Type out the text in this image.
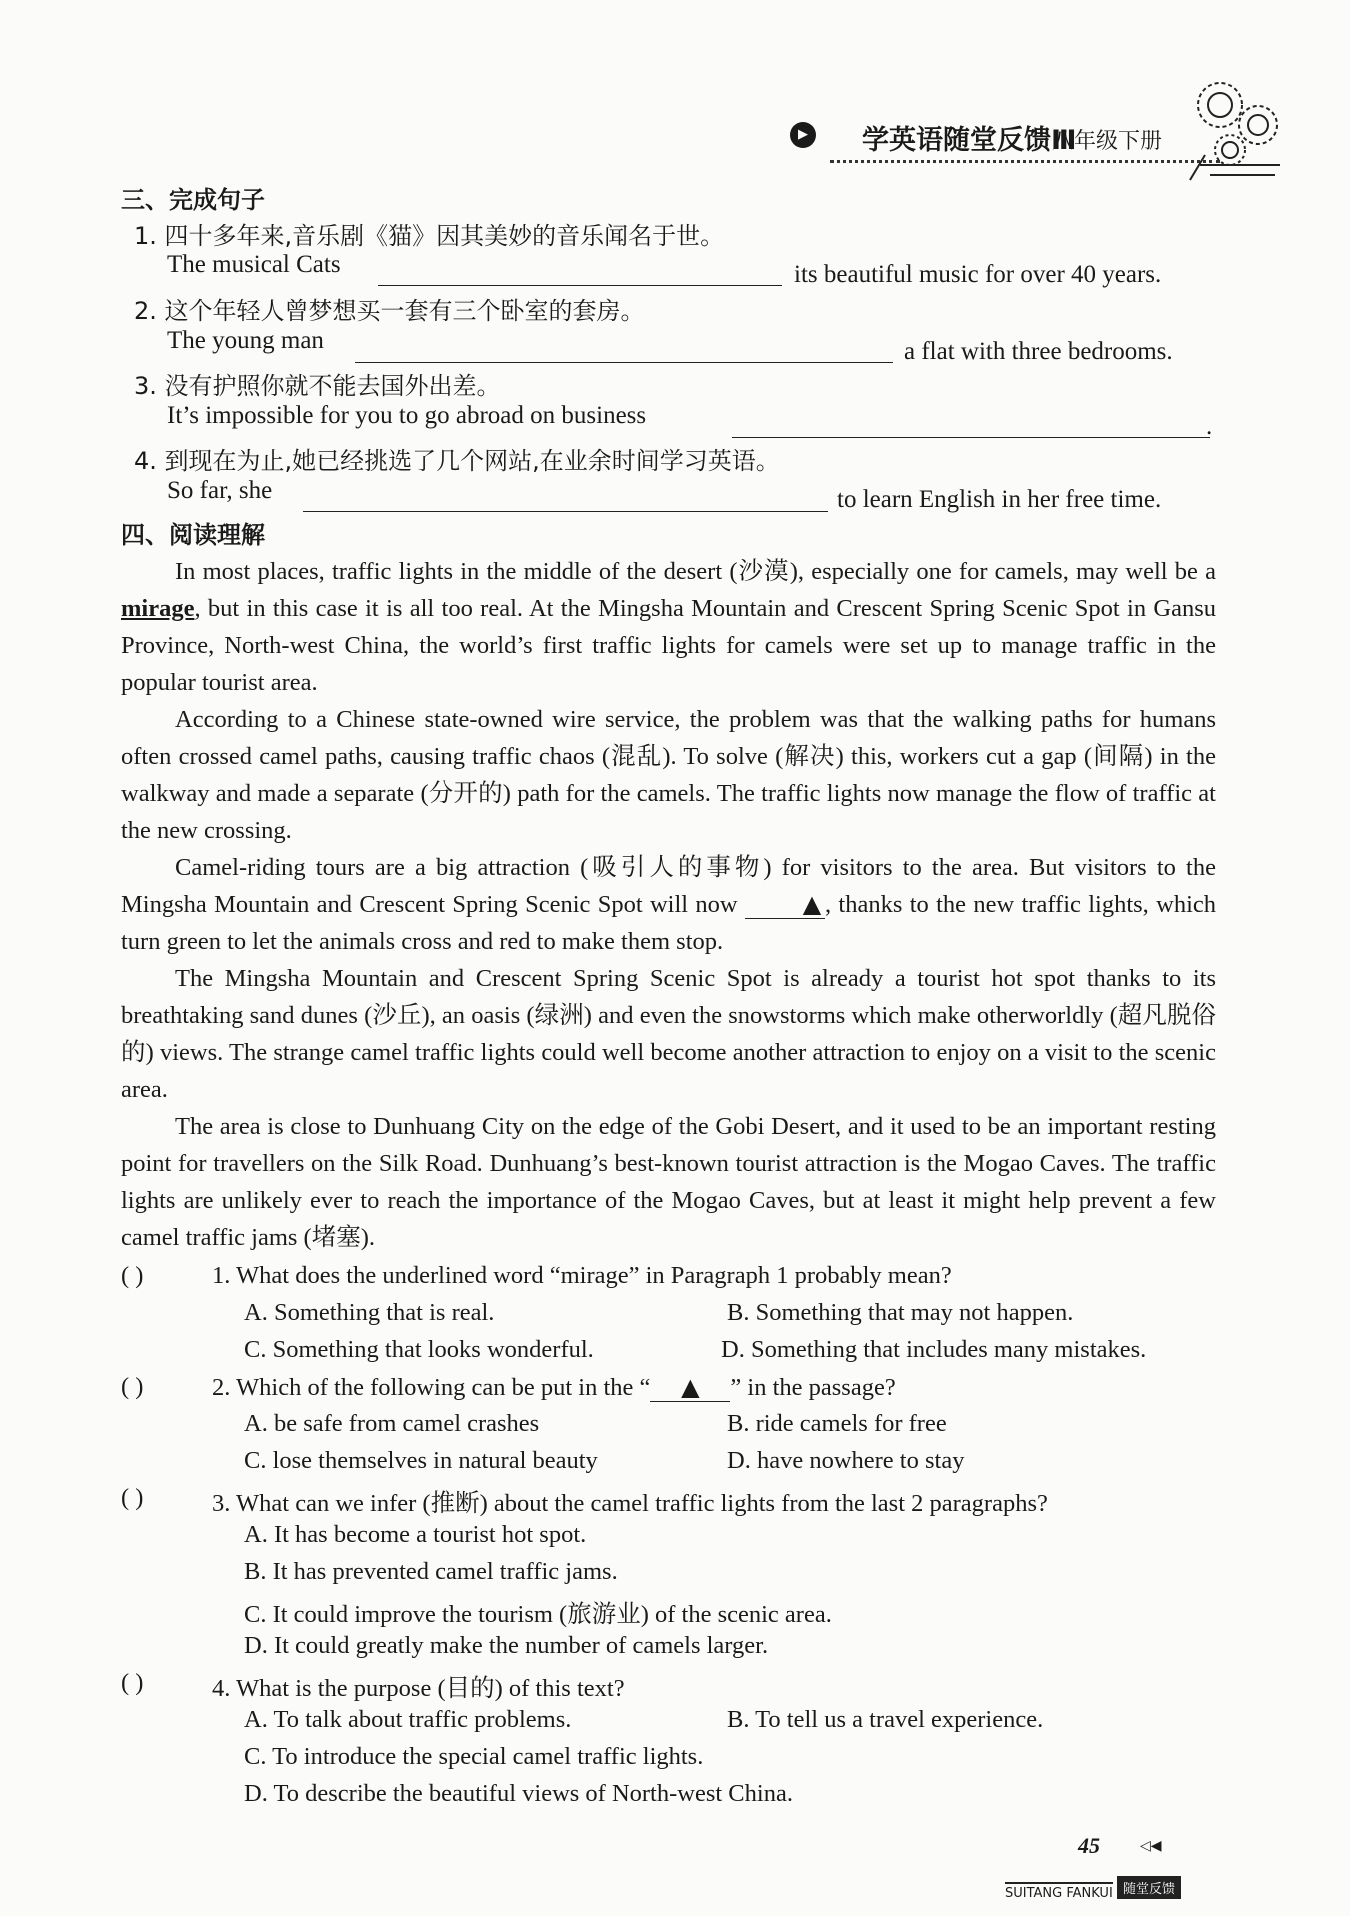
▶ 学英语随堂反馈Ⅲ
八年级下册
三、完成句子
1. 四十多年来,音乐剧《猫》因其美妙的音乐闻名于世。
The musical Cats	its beautiful music for over 40 years.
2. 这个年轻人曾梦想买一套有三个卧室的套房。
The young man	a flat with three bedrooms.
3. 没有护照你就不能去国外出差。
It’s impossible for you to go abroad on business	.
4. 到现在为止,她已经挑选了几个网站,在业余时间学习英语。
So far, she	to learn English in her free time.
四、阅读理解

In most places, traffic lights in the middle of the desert (沙漠), especially one for camels, may well be a mirage, but in this case it is all too real. At the Mingsha Mountain and Crescent Spring Scenic Spot in Gansu Province, North-west China, the world’s first traffic lights for camels were set up to manage traffic in the popular tourist area.

According to a Chinese state-owned wire service, the problem was that the walking paths for humans often crossed camel paths, causing traffic chaos (混乱). To solve (解决) this, workers cut a gap (间隔) in the walkway and made a separate (分开的) path for the camels. The traffic lights now manage the flow of traffic at the new crossing.

Camel-riding tours are a big attraction (吸引人的事物) for visitors to the area. But visitors to the Mingsha Mountain and Crescent Spring Scenic Spot will now ▲ , thanks to the new traffic lights, which turn green to let the animals cross and red to make them stop.

The Mingsha Mountain and Crescent Spring Scenic Spot is already a tourist hot spot thanks to its breathtaking sand dunes (沙丘), an oasis (绿洲) and even the snowstorms which make otherworldly (超凡脱俗的) views. The strange camel traffic lights could well become another attraction to enjoy on a visit to the scenic area.

The area is close to Dunhuang City on the edge of the Gobi Desert, and it used to be an important resting point for travellers on the Silk Road. Dunhuang’s best-known tourist attraction is the Mogao Caves. The traffic lights are unlikely ever to reach the importance of the Mogao Caves, but at least it might help prevent a few camel traffic jams (堵塞).

( )	1. What does the underlined word “mirage” in Paragraph 1 probably mean?
A. Something that is real.	B. Something that may not happen.
C. Something that looks wonderful.	D. Something that includes many mistakes.
( )	2. Which of the following can be put in the “ ▲ ” in the passage?
A. be safe from camel crashes	B. ride camels for free
C. lose themselves in natural beauty	D. have nowhere to stay
( )	3. What can we infer (推断) about the camel traffic lights from the last 2 paragraphs?
A. It has become a tourist hot spot.
B. It has prevented camel traffic jams.
C. It could improve the tourism (旅游业) of the scenic area.
D. It could greatly make the number of camels larger.
( )	4. What is the purpose (目的) of this text?
A. To talk about traffic problems.	B. To tell us a travel experience.
C. To introduce the special camel traffic lights.
D. To describe the beautiful views of North-west China.
45	◁◀
SUITANG FANKUI 随堂反馈
